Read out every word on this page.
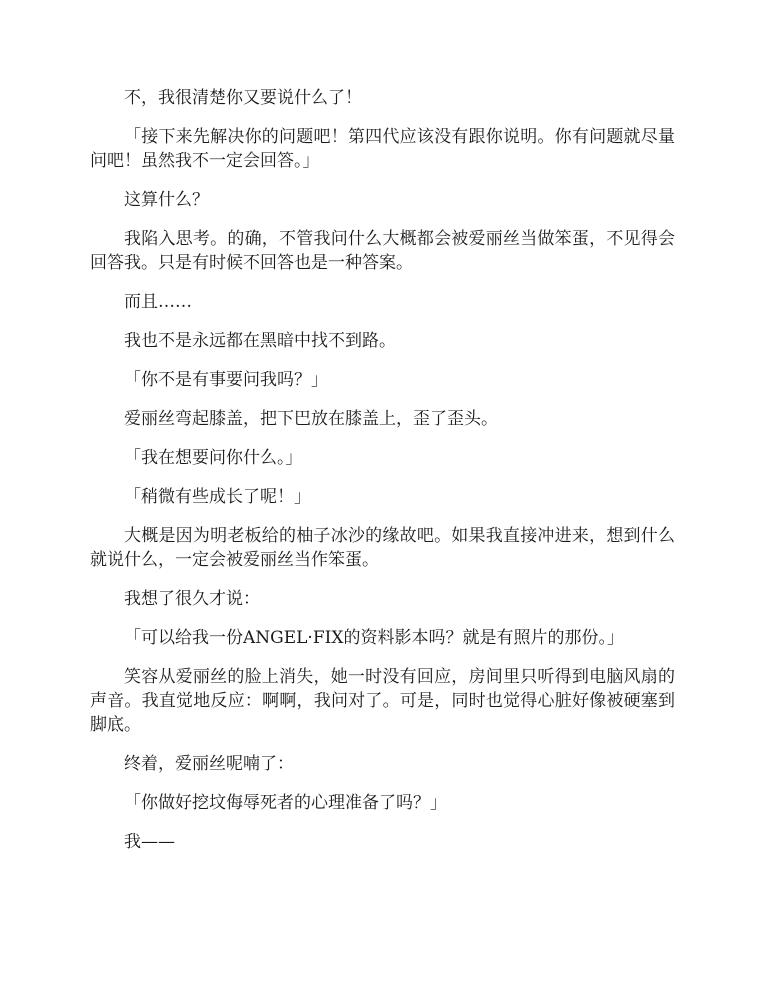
不，我很清楚你又要说什么了！

「接下来先解决你的问题吧！第四代应该没有跟你说明。你有问题就尽量问吧！虽然我不一定会回答。」

这算什么？

我陷入思考。的确，不管我问什么大概都会被爱丽丝当做笨蛋，不见得会回答我。只是有时候不回答也是一种答案。

而且……

我也不是永远都在黑暗中找不到路。

「你不是有事要问我吗？」

爱丽丝弯起膝盖，把下巴放在膝盖上，歪了歪头。

「我在想要问你什么。」

「稍微有些成长了呢！」

大概是因为明老板给的柚子冰沙的缘故吧。如果我直接冲进来，想到什么就说什么，一定会被爱丽丝当作笨蛋。

我想了很久才说：

「可以给我一份ANGEL·FIX的资料影本吗？就是有照片的那份。」

笑容从爱丽丝的脸上消失，她一时没有回应，房间里只听得到电脑风扇的声音。我直觉地反应：啊啊，我问对了。可是，同时也觉得心脏好像被硬塞到脚底。

终着，爱丽丝呢喃了：

「你做好挖坟侮辱死者的心理准备了吗？」

我——
